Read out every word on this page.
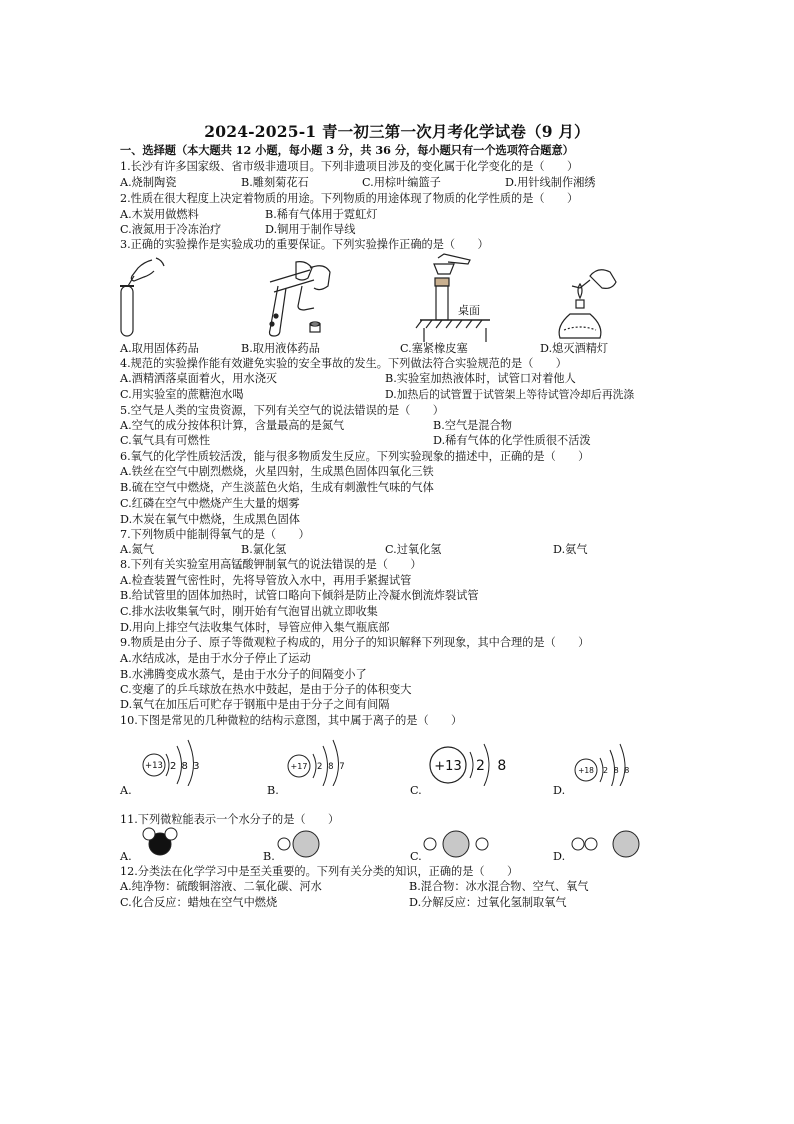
2024-2025-1 青一初三第一次月考化学试卷（9 月）
一、选择题（本大题共 12 小题，每小题 3 分，共 36 分，每小题只有一个选项符合题意）
1.长沙有许多国家级、省市级非遗项目。下列非遗项目涉及的变化属于化学变化的是（　　）
A.烧制陶瓷	B.雕刻菊花石	C.用棕叶编篮子	D.用针线制作湘绣
2.性质在很大程度上决定着物质的用途。下列物质的用途体现了物质的化学性质的是（　　）
A.木炭用做燃料	B.稀有气体用于霓虹灯
C.液氮用于冷冻治疗	D.铜用于制作导线
3.正确的实验操作是实验成功的重要保证。下列实验操作正确的是（　　）
桌面
A.取用固体药品	B.取用液体药品	C.塞紧橡皮塞	D.熄灭酒精灯
4.规范的实验操作能有效避免实验的安全事故的发生。下列做法符合实验规范的是（　　）
A.酒精洒落桌面着火，用水浇灭	B.实验室加热液体时，试管口对着他人
C.用实验室的蔗糖泡水喝	D.加热后的试管置于试管架上等待试管冷却后再洗涤
5.空气是人类的宝贵资源，下列有关空气的说法错误的是（　　）
A.空气的成分按体积计算，含量最高的是氮气	B.空气是混合物
C.氧气具有可燃性	D.稀有气体的化学性质很不活泼
6.氧气的化学性质较活泼，能与很多物质发生反应。下列实验现象的描述中，正确的是（　　）
A.铁丝在空气中剧烈燃烧，火星四射，生成黑色固体四氧化三铁
B.硫在空气中燃烧，产生淡蓝色火焰，生成有刺激性气味的气体
C.红磷在空气中燃烧产生大量的烟雾
D.木炭在氧气中燃烧，生成黑色固体
7.下列物质中能制得氧气的是（　　）
A.氮气	B.氯化氢	C.过氧化氢	D.氨气
8.下列有关实验室用高锰酸钾制氧气的说法错误的是（　　）
A.检查装置气密性时，先将导管放入水中，再用手紧握试管
B.给试管里的固体加热时，试管口略向下倾斜是防止冷凝水倒流炸裂试管
C.排水法收集氧气时，刚开始有气泡冒出就立即收集
D.用向上排空气法收集气体时，导管应伸入集气瓶底部
9.物质是由分子、原子等微观粒子构成的，用分子的知识解释下列现象，其中合理的是（　　）
A.水结成冰，是由于水分子停止了运动
B.水沸腾变成水蒸气，是由于水分子的间隔变小了
C.变瘪了的乒乓球放在热水中鼓起，是由于分子的体积变大
D.氧气在加压后可贮存于钢瓶中是由于分子之间有间隔
10.下图是常见的几种微粒的结构示意图，其中属于离子的是（　　）
+13 2 8 3	+17 2 8 7	+13 2 8	+18 2 8 8
A.	B.	C.	D.
11.下列微粒能表示一个水分子的是（　　）
A.	B.	C.	D.
12.分类法在化学学习中是至关重要的。下列有关分类的知识，正确的是（　　）
A.纯净物：硫酸铜溶液、二氧化碳、河水	B.混合物：冰水混合物、空气、氧气
C.化合反应：蜡烛在空气中燃烧	D.分解反应：过氧化氢制取氧气
